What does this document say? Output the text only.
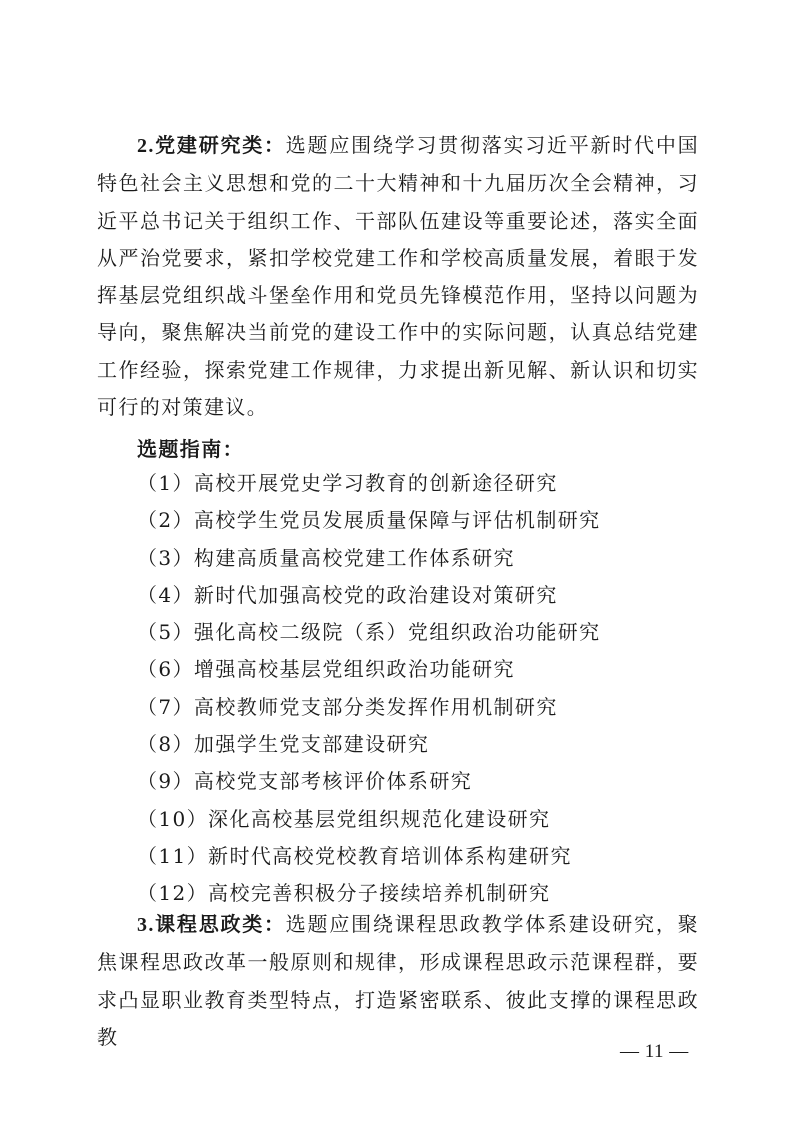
2.党建研究类：选题应围绕学习贯彻落实习近平新时代中国特色社会主义思想和党的二十大精神和十九届历次全会精神，习近平总书记关于组织工作、干部队伍建设等重要论述，落实全面从严治党要求，紧扣学校党建工作和学校高质量发展，着眼于发挥基层党组织战斗堡垒作用和党员先锋模范作用，坚持以问题为导向，聚焦解决当前党的建设工作中的实际问题，认真总结党建工作经验，探索党建工作规律，力求提出新见解、新认识和切实可行的对策建议。

选题指南：
（1）高校开展党史学习教育的创新途径研究
（2）高校学生党员发展质量保障与评估机制研究
（3）构建高质量高校党建工作体系研究
（4）新时代加强高校党的政治建设对策研究
（5）强化高校二级院（系）党组织政治功能研究
（6）增强高校基层党组织政治功能研究
（7）高校教师党支部分类发挥作用机制研究
（8）加强学生党支部建设研究
（9）高校党支部考核评价体系研究
（10）深化高校基层党组织规范化建设研究
（11）新时代高校党校教育培训体系构建研究
（12）高校完善积极分子接续培养机制研究

3.课程思政类：选题应围绕课程思政教学体系建设研究，聚焦课程思政改革一般原则和规律，形成课程思政示范课程群，要求凸显职业教育类型特点，打造紧密联系、彼此支撑的课程思政教

— 11 —
